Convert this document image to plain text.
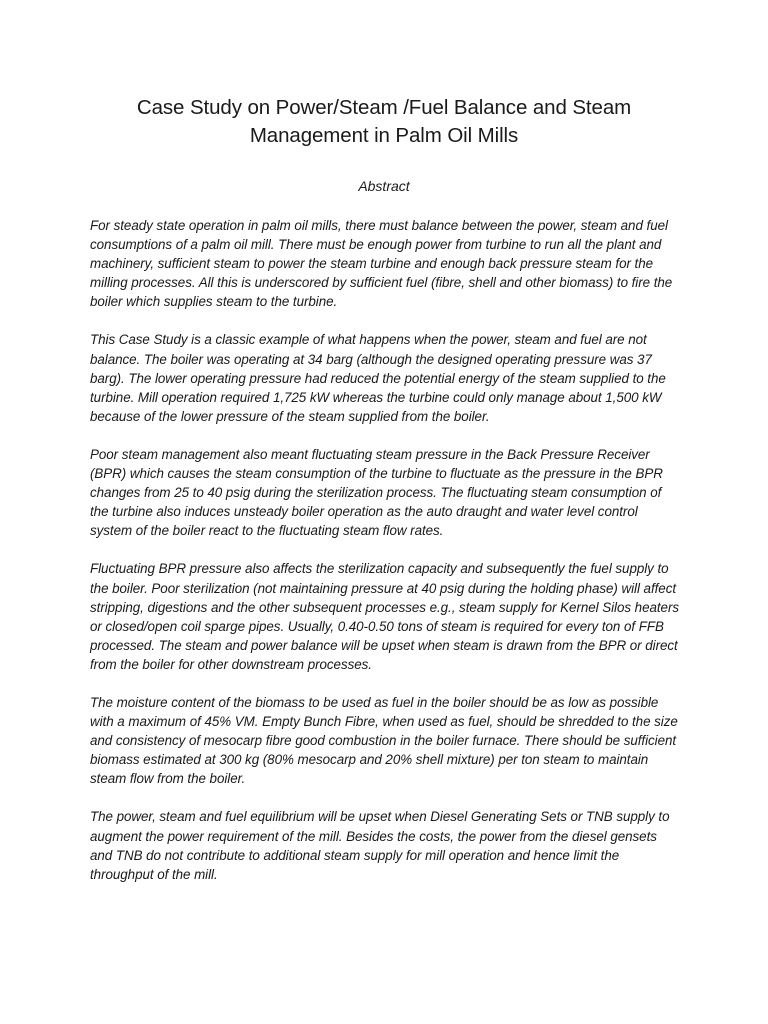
Case Study on Power/Steam /Fuel Balance and Steam Management in Palm Oil Mills
Abstract

For steady state operation in palm oil mills, there must balance between the power, steam and fuel consumptions of a palm oil mill. There must be enough power from turbine to run all the plant and machinery, sufficient steam to power the steam turbine and enough back pressure steam for the milling processes. All this is underscored by sufficient fuel (fibre, shell and other biomass) to fire the boiler which supplies steam to the turbine.

This Case Study is a classic example of what happens when the power, steam and fuel are not balance. The boiler was operating at 34 barg (although the designed operating pressure was 37 barg). The lower operating pressure had reduced the potential energy of the steam supplied to the turbine. Mill operation required 1,725 kW whereas the turbine could only manage about 1,500 kW because of the lower pressure of the steam supplied from the boiler.

Poor steam management also meant fluctuating steam pressure in the Back Pressure Receiver (BPR) which causes the steam consumption of the turbine to fluctuate as the pressure in the BPR changes from 25 to 40 psig during the sterilization process. The fluctuating steam consumption of the turbine also induces unsteady boiler operation as the auto draught and water level control system of the boiler react to the fluctuating steam flow rates.

Fluctuating BPR pressure also affects the sterilization capacity and subsequently the fuel supply to the boiler. Poor sterilization (not maintaining pressure at 40 psig during the holding phase) will affect stripping, digestions and the other subsequent processes e.g., steam supply for Kernel Silos heaters or closed/open coil sparge pipes. Usually, 0.40-0.50 tons of steam is required for every ton of FFB processed. The steam and power balance will be upset when steam is drawn from the BPR or direct from the boiler for other downstream processes.

The moisture content of the biomass to be used as fuel in the boiler should be as low as possible with a maximum of 45% VM. Empty Bunch Fibre, when used as fuel, should be shredded to the size and consistency of mesocarp fibre good combustion in the boiler furnace. There should be sufficient biomass estimated at 300 kg (80% mesocarp and 20% shell mixture) per ton steam to maintain steam flow from the boiler.

The power, steam and fuel equilibrium will be upset when Diesel Generating Sets or TNB supply to augment the power requirement of the mill. Besides the costs, the power from the diesel gensets and TNB do not contribute to additional steam supply for mill operation and hence limit the throughput of the mill.
